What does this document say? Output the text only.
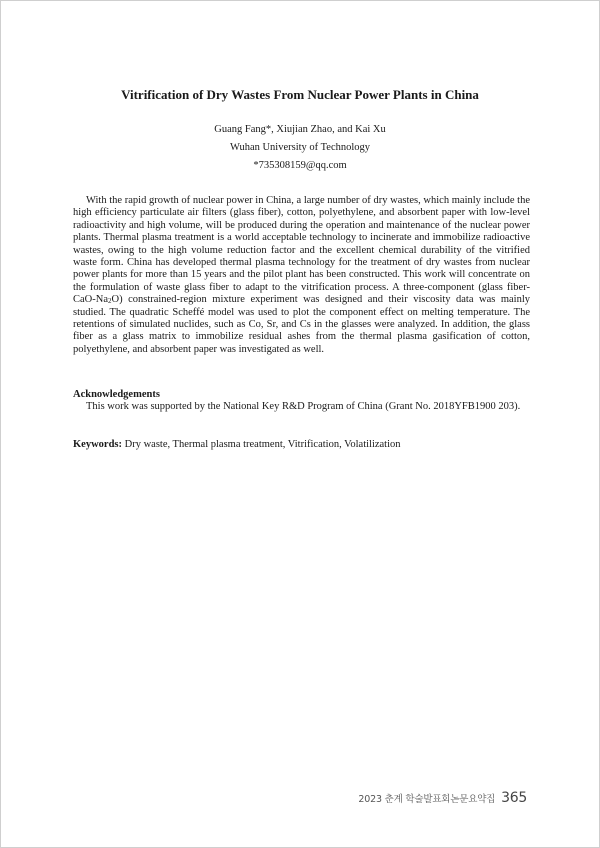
Vitrification of Dry Wastes From Nuclear Power Plants in China
Guang Fang*, Xiujian Zhao, and Kai Xu
Wuhan University of Technology
*735308159@qq.com

With the rapid growth of nuclear power in China, a large number of dry wastes, which mainly include the high efficiency particulate air filters (glass fiber), cotton, polyethylene, and absorbent paper with low-level radioactivity and high volume, will be produced during the operation and maintenance of the nuclear power plants. Thermal plasma treatment is a world acceptable technology to incinerate and immobilize radioactive wastes, owing to the high volume reduction factor and the excellent chemical durability of the vitrified waste form. China has developed thermal plasma technology for the treatment of dry wastes from nuclear power plants for more than 15 years and the pilot plant has been constructed. This work will concentrate on the formulation of waste glass fiber to adapt to the vitrification process. A three-component (glass fiber-$CaO-Na_2O$) constrained-region mixture experiment was designed and their viscosity data was mainly studied. The quadratic Scheffé model was used to plot the component effect on melting temperature. The retentions of simulated nuclides, such as Co, Sr, and Cs in the glasses were analyzed. In addition, the glass fiber as a glass matrix to immobilize residual ashes from the thermal plasma gasification of cotton, polyethylene, and absorbent paper was investigated as well.

Acknowledgements

This work was supported by the National Key R&D Program of China (Grant No. 2018YFB1900 203).

Keywords: Dry waste, Thermal plasma treatment, Vitrification, Volatilization

2023 춘계 학술발표회논문요약집 365
